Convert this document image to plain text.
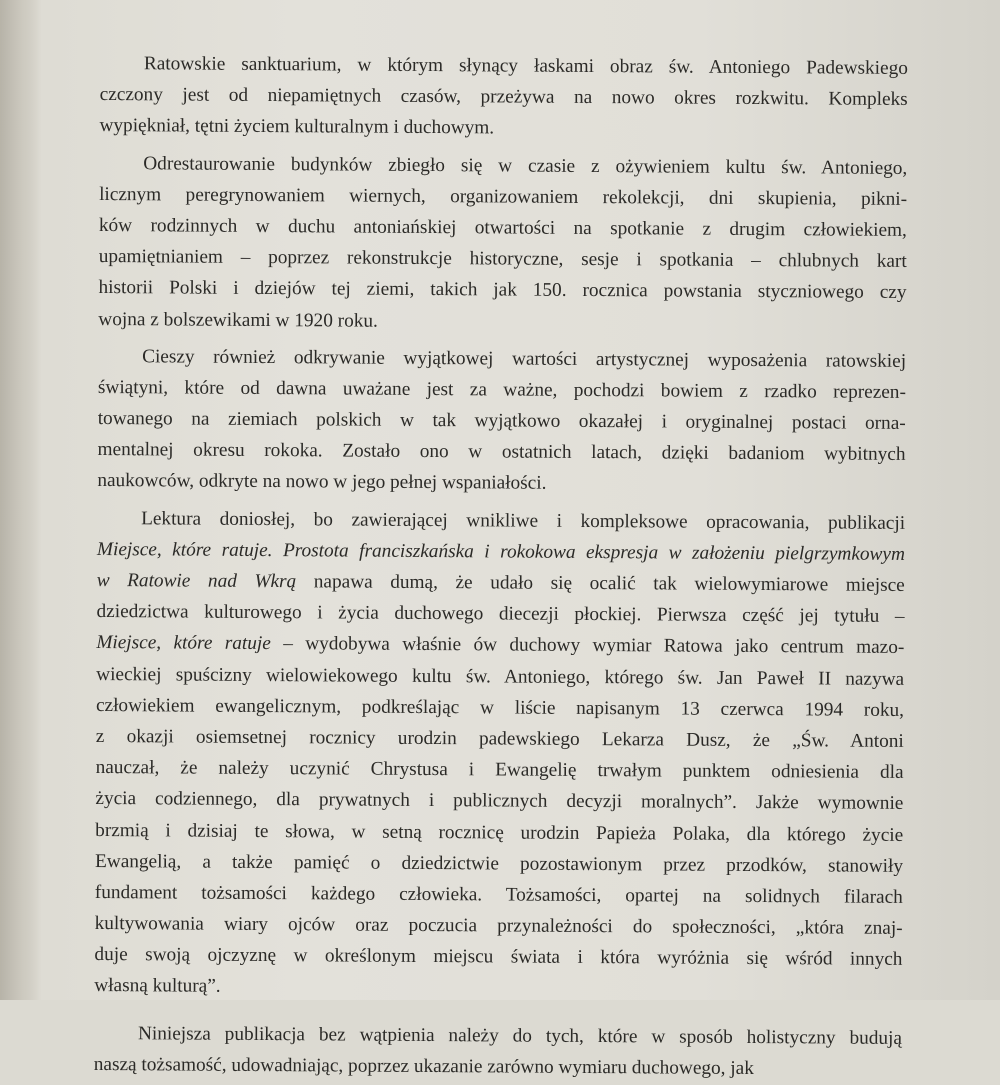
Ratowskie sanktuarium, w którym słynący łaskami obraz św. Antoniego Padewskiego
czczony jest od niepamiętnych czasów, przeżywa na nowo okres rozkwitu. Kompleks
wypiękniał, tętni życiem kulturalnym i duchowym.
Odrestaurowanie budynków zbiegło się w czasie z ożywieniem kultu św. Antoniego,
licznym peregrynowaniem wiernych, organizowaniem rekolekcji, dni skupienia, pikni-
ków rodzinnych w duchu antoniańskiej otwartości na spotkanie z drugim człowiekiem,
upamiętnianiem – poprzez rekonstrukcje historyczne, sesje i spotkania – chlubnych kart
historii Polski i dziejów tej ziemi, takich jak 150. rocznica powstania styczniowego czy
wojna z bolszewikami w 1920 roku.
Cieszy również odkrywanie wyjątkowej wartości artystycznej wyposażenia ratowskiej
świątyni, które od dawna uważane jest za ważne, pochodzi bowiem z rzadko reprezen-
towanego na ziemiach polskich w tak wyjątkowo okazałej i oryginalnej postaci orna-
mentalnej okresu rokoka. Zostało ono w ostatnich latach, dzięki badaniom wybitnych
naukowców, odkryte na nowo w jego pełnej wspaniałości.
Lektura doniosłej, bo zawierającej wnikliwe i kompleksowe opracowania, publikacji
Miejsce, które ratuje. Prostota franciszkańska i rokokowa ekspresja w założeniu pielgrzymkowym
w Ratowie nad Wkrą napawa dumą, że udało się ocalić tak wielowymiarowe miejsce
dziedzictwa kulturowego i życia duchowego diecezji płockiej. Pierwsza część jej tytułu –
Miejsce, które ratuje – wydobywa właśnie ów duchowy wymiar Ratowa jako centrum mazo-
wieckiej spuścizny wielowiekowego kultu św. Antoniego, którego św. Jan Paweł II nazywa
człowiekiem ewangelicznym, podkreślając w liście napisanym 13 czerwca 1994 roku,
z okazji osiemsetnej rocznicy urodzin padewskiego Lekarza Dusz, że „Św. Antoni
nauczał, że należy uczynić Chrystusa i Ewangelię trwałym punktem odniesienia dla
życia codziennego, dla prywatnych i publicznych decyzji moralnych”. Jakże wymownie
brzmią i dzisiaj te słowa, w setną rocznicę urodzin Papieża Polaka, dla którego życie
Ewangelią, a także pamięć o dziedzictwie pozostawionym przez przodków, stanowiły
fundament tożsamości każdego człowieka. Tożsamości, opartej na solidnych filarach
kultywowania wiary ojców oraz poczucia przynależności do społeczności, „która znaj-
duje swoją ojczyznę w określonym miejscu świata i która wyróżnia się wśród innych
własną kulturą”.
Niniejsza publikacja bez wątpienia należy do tych, które w sposób holistyczny budują
naszą tożsamość, udowadniając, poprzez ukazanie zarówno wymiaru duchowego, jak
